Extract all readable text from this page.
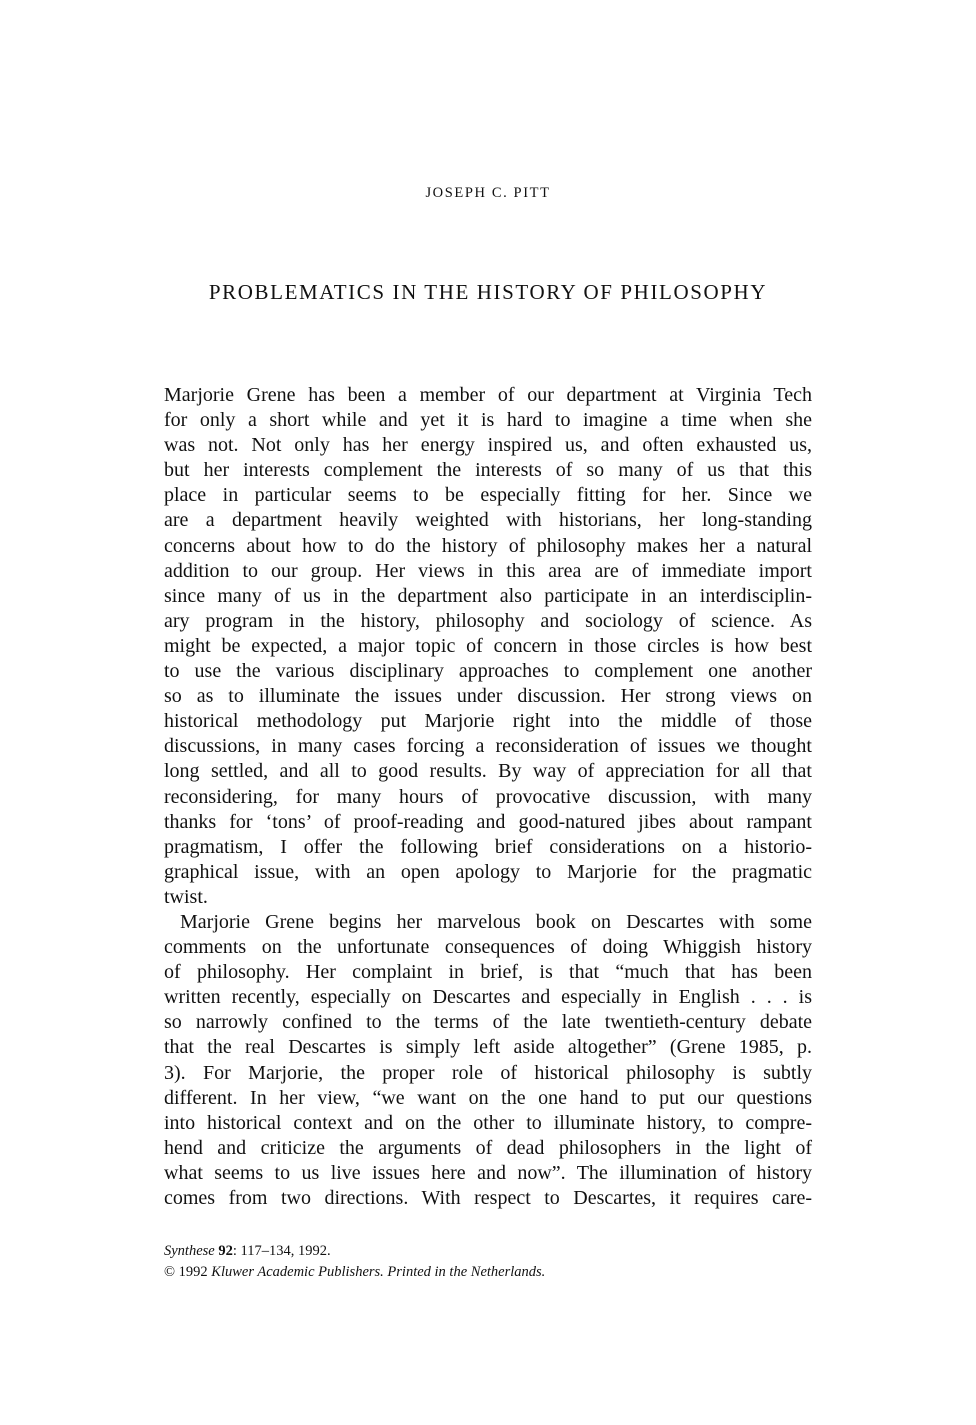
JOSEPH C. PITT
PROBLEMATICS IN THE HISTORY OF PHILOSOPHY
Marjorie Grene has been a member of our department at Virginia Tech
for only a short while and yet it is hard to imagine a time when she
was not. Not only has her energy inspired us, and often exhausted us,
but her interests complement the interests of so many of us that this
place in particular seems to be especially fitting for her. Since we
are a department heavily weighted with historians, her long-standing
concerns about how to do the history of philosophy makes her a natural
addition to our group. Her views in this area are of immediate import
since many of us in the department also participate in an interdisciplin-
ary program in the history, philosophy and sociology of science. As
might be expected, a major topic of concern in those circles is how best
to use the various disciplinary approaches to complement one another
so as to illuminate the issues under discussion. Her strong views on
historical methodology put Marjorie right into the middle of those
discussions, in many cases forcing a reconsideration of issues we thought
long settled, and all to good results. By way of appreciation for all that
reconsidering, for many hours of provocative discussion, with many
thanks for ‘tons’ of proof-reading and good-natured jibes about rampant
pragmatism, I offer the following brief considerations on a historio-
graphical issue, with an open apology to Marjorie for the pragmatic
twist.
Marjorie Grene begins her marvelous book on Descartes with some
comments on the unfortunate consequences of doing Whiggish history
of philosophy. Her complaint in brief, is that “much that has been
written recently, especially on Descartes and especially in English . . . is
so narrowly confined to the terms of the late twentieth-century debate
that the real Descartes is simply left aside altogether” (Grene 1985, p.
3). For Marjorie, the proper role of historical philosophy is subtly
different. In her view, “we want on the one hand to put our questions
into historical context and on the other to illuminate history, to compre-
hend and criticize the arguments of dead philosophers in the light of
what seems to us live issues here and now”. The illumination of history
comes from two directions. With respect to Descartes, it requires care-
Synthese 92: 117–134, 1992.
© 1992 Kluwer Academic Publishers. Printed in the Netherlands.
